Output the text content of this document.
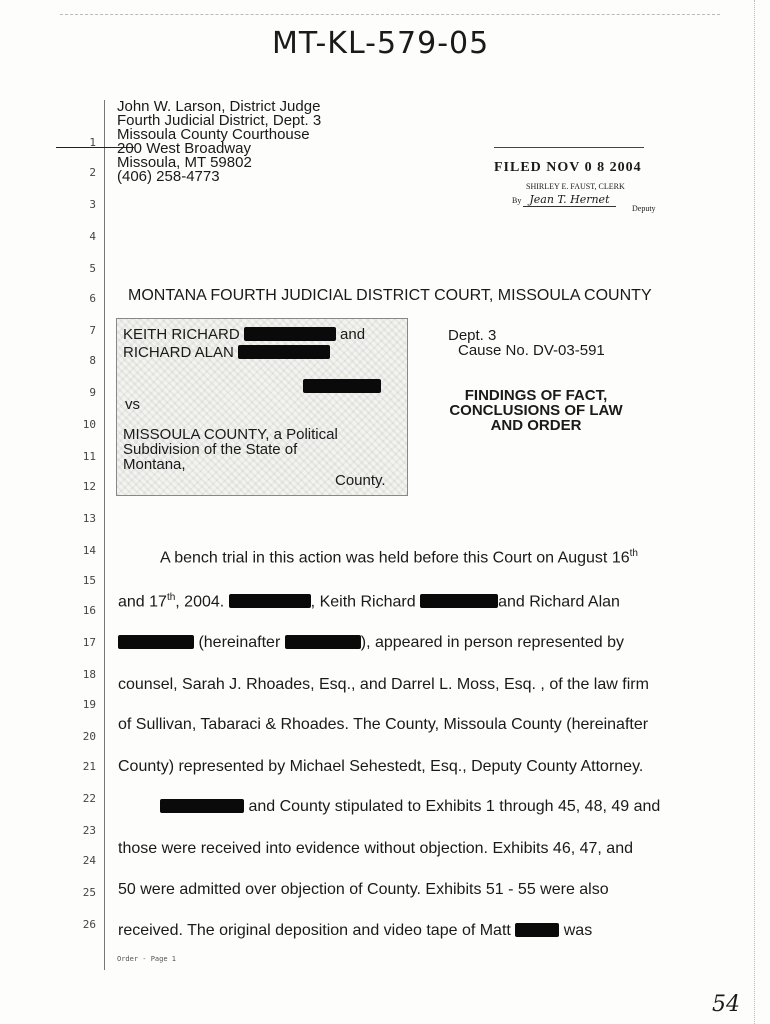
MT-KL-579-05
John W. Larson, District Judge
Fourth Judicial District, Dept. 3
Missoula County Courthouse
200 West Broadway
Missoula, MT 59802
(406) 258-4773
FILED NOV 0 8 2004
SHIRLEY E. FAUST, CLERK
By Jean T. Hernet
Deputy
1
2
3
4
5
6
7
8
9
10
11
12
13
14
15
16
17
18
19
20
21
22
23
24
25
26
MONTANA FOURTH JUDICIAL DISTRICT COURT, MISSOULA COUNTY
KEITH RICHARD	and
RICHARD ALAN
vs
MISSOULA COUNTY, a Political
Subdivision of the State of
Montana,
County.
Dept. 3
Cause No. DV-03-591
FINDINGS OF FACT,
CONCLUSIONS OF LAW
AND ORDER
A bench trial in this action was held before this Court on August 16th
and 17th, 2004.	, Keith Richard	and Richard Alan
(hereinafter	), appeared in person represented by
counsel, Sarah J. Rhoades, Esq., and Darrel L. Moss, Esq. , of the law firm
of Sullivan, Tabaraci & Rhoades. The County, Missoula County (hereinafter
County) represented by Michael Sehestedt, Esq., Deputy County Attorney.
and County stipulated to Exhibits 1 through 45, 48, 49 and
those were received into evidence without objection. Exhibits 46, 47, and
50 were admitted over objection of County. Exhibits 51 - 55 were also
received. The original deposition and video tape of Matt	was
Order - Page 1
54
